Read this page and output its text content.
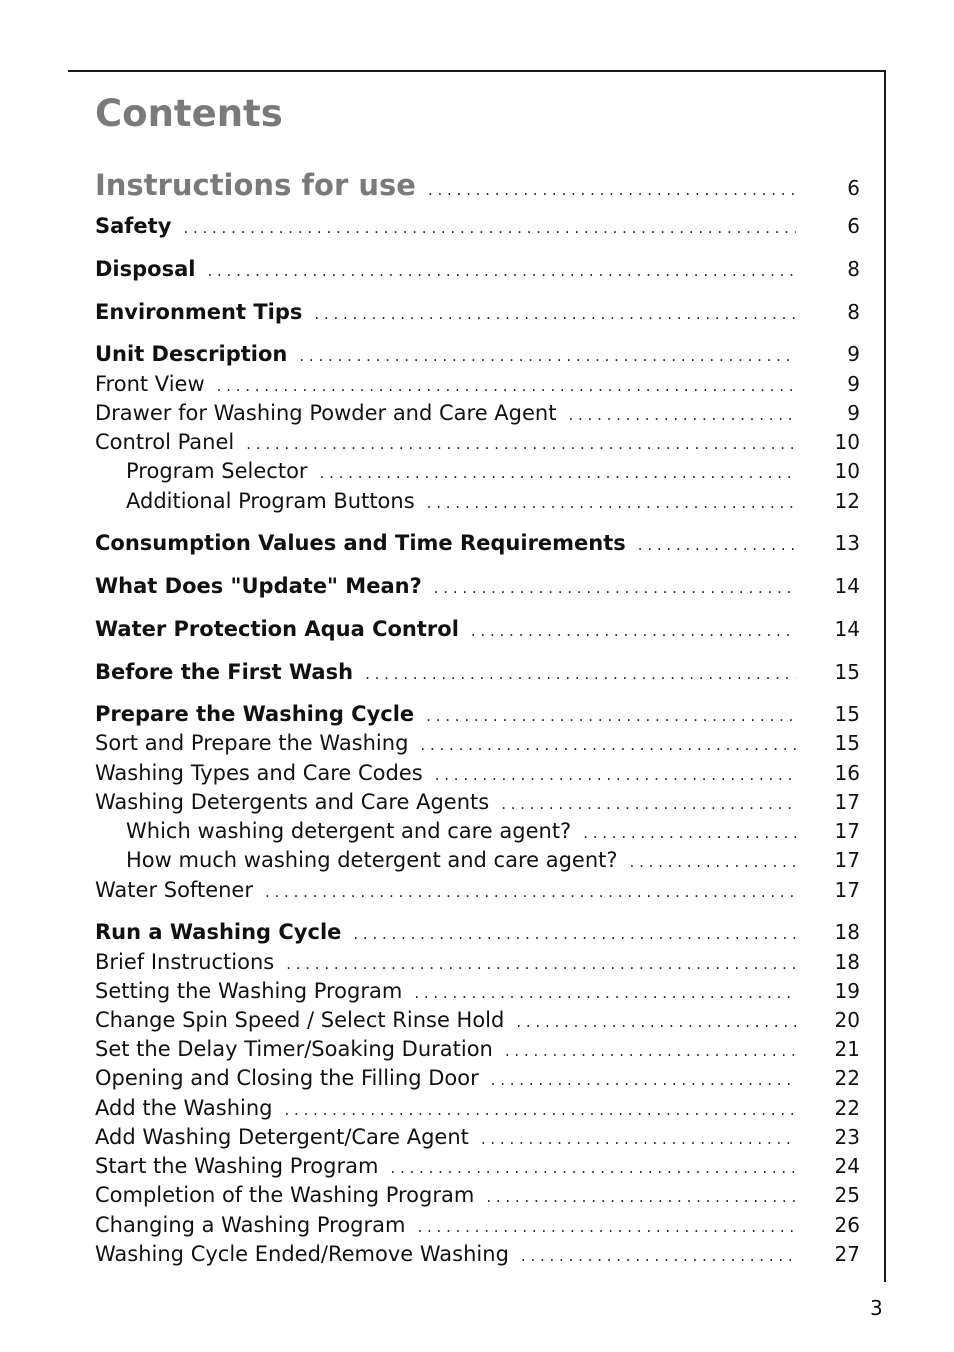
Contents
Instructions for use . . .	6
Safety . . .	6
Disposal . . .	8
Environment Tips . . .	8
Unit Description . . .	9
Front View . . .	9
Drawer for Washing Powder and Care Agent . . .	9
Control Panel . . .	10
Program Selector . . .	10
Additional Program Buttons . . .	12
Consumption Values and Time Requirements . . .	13
What Does "Update" Mean? . . .	14
Water Protection Aqua Control . . .	14
Before the First Wash . . .	15
Prepare the Washing Cycle . . .	15
Sort and Prepare the Washing . . .	15
Washing Types and Care Codes . . .	16
Washing Detergents and Care Agents . . .	17
Which washing detergent and care agent? . . .	17
How much washing detergent and care agent? . . .	17
Water Softener . . .	17
Run a Washing Cycle . . .	18
Brief Instructions . . .	18
Setting the Washing Program . . .	19
Change Spin Speed / Select Rinse Hold . . .	20
Set the Delay Timer/Soaking Duration . . .	21
Opening and Closing the Filling Door . . .	22
Add the Washing . . .	22
Add Washing Detergent/Care Agent . . .	23
Start the Washing Program . . .	24
Completion of the Washing Program . . .	25
Changing a Washing Program . . .	26
Washing Cycle Ended/Remove Washing . . .	27
3
